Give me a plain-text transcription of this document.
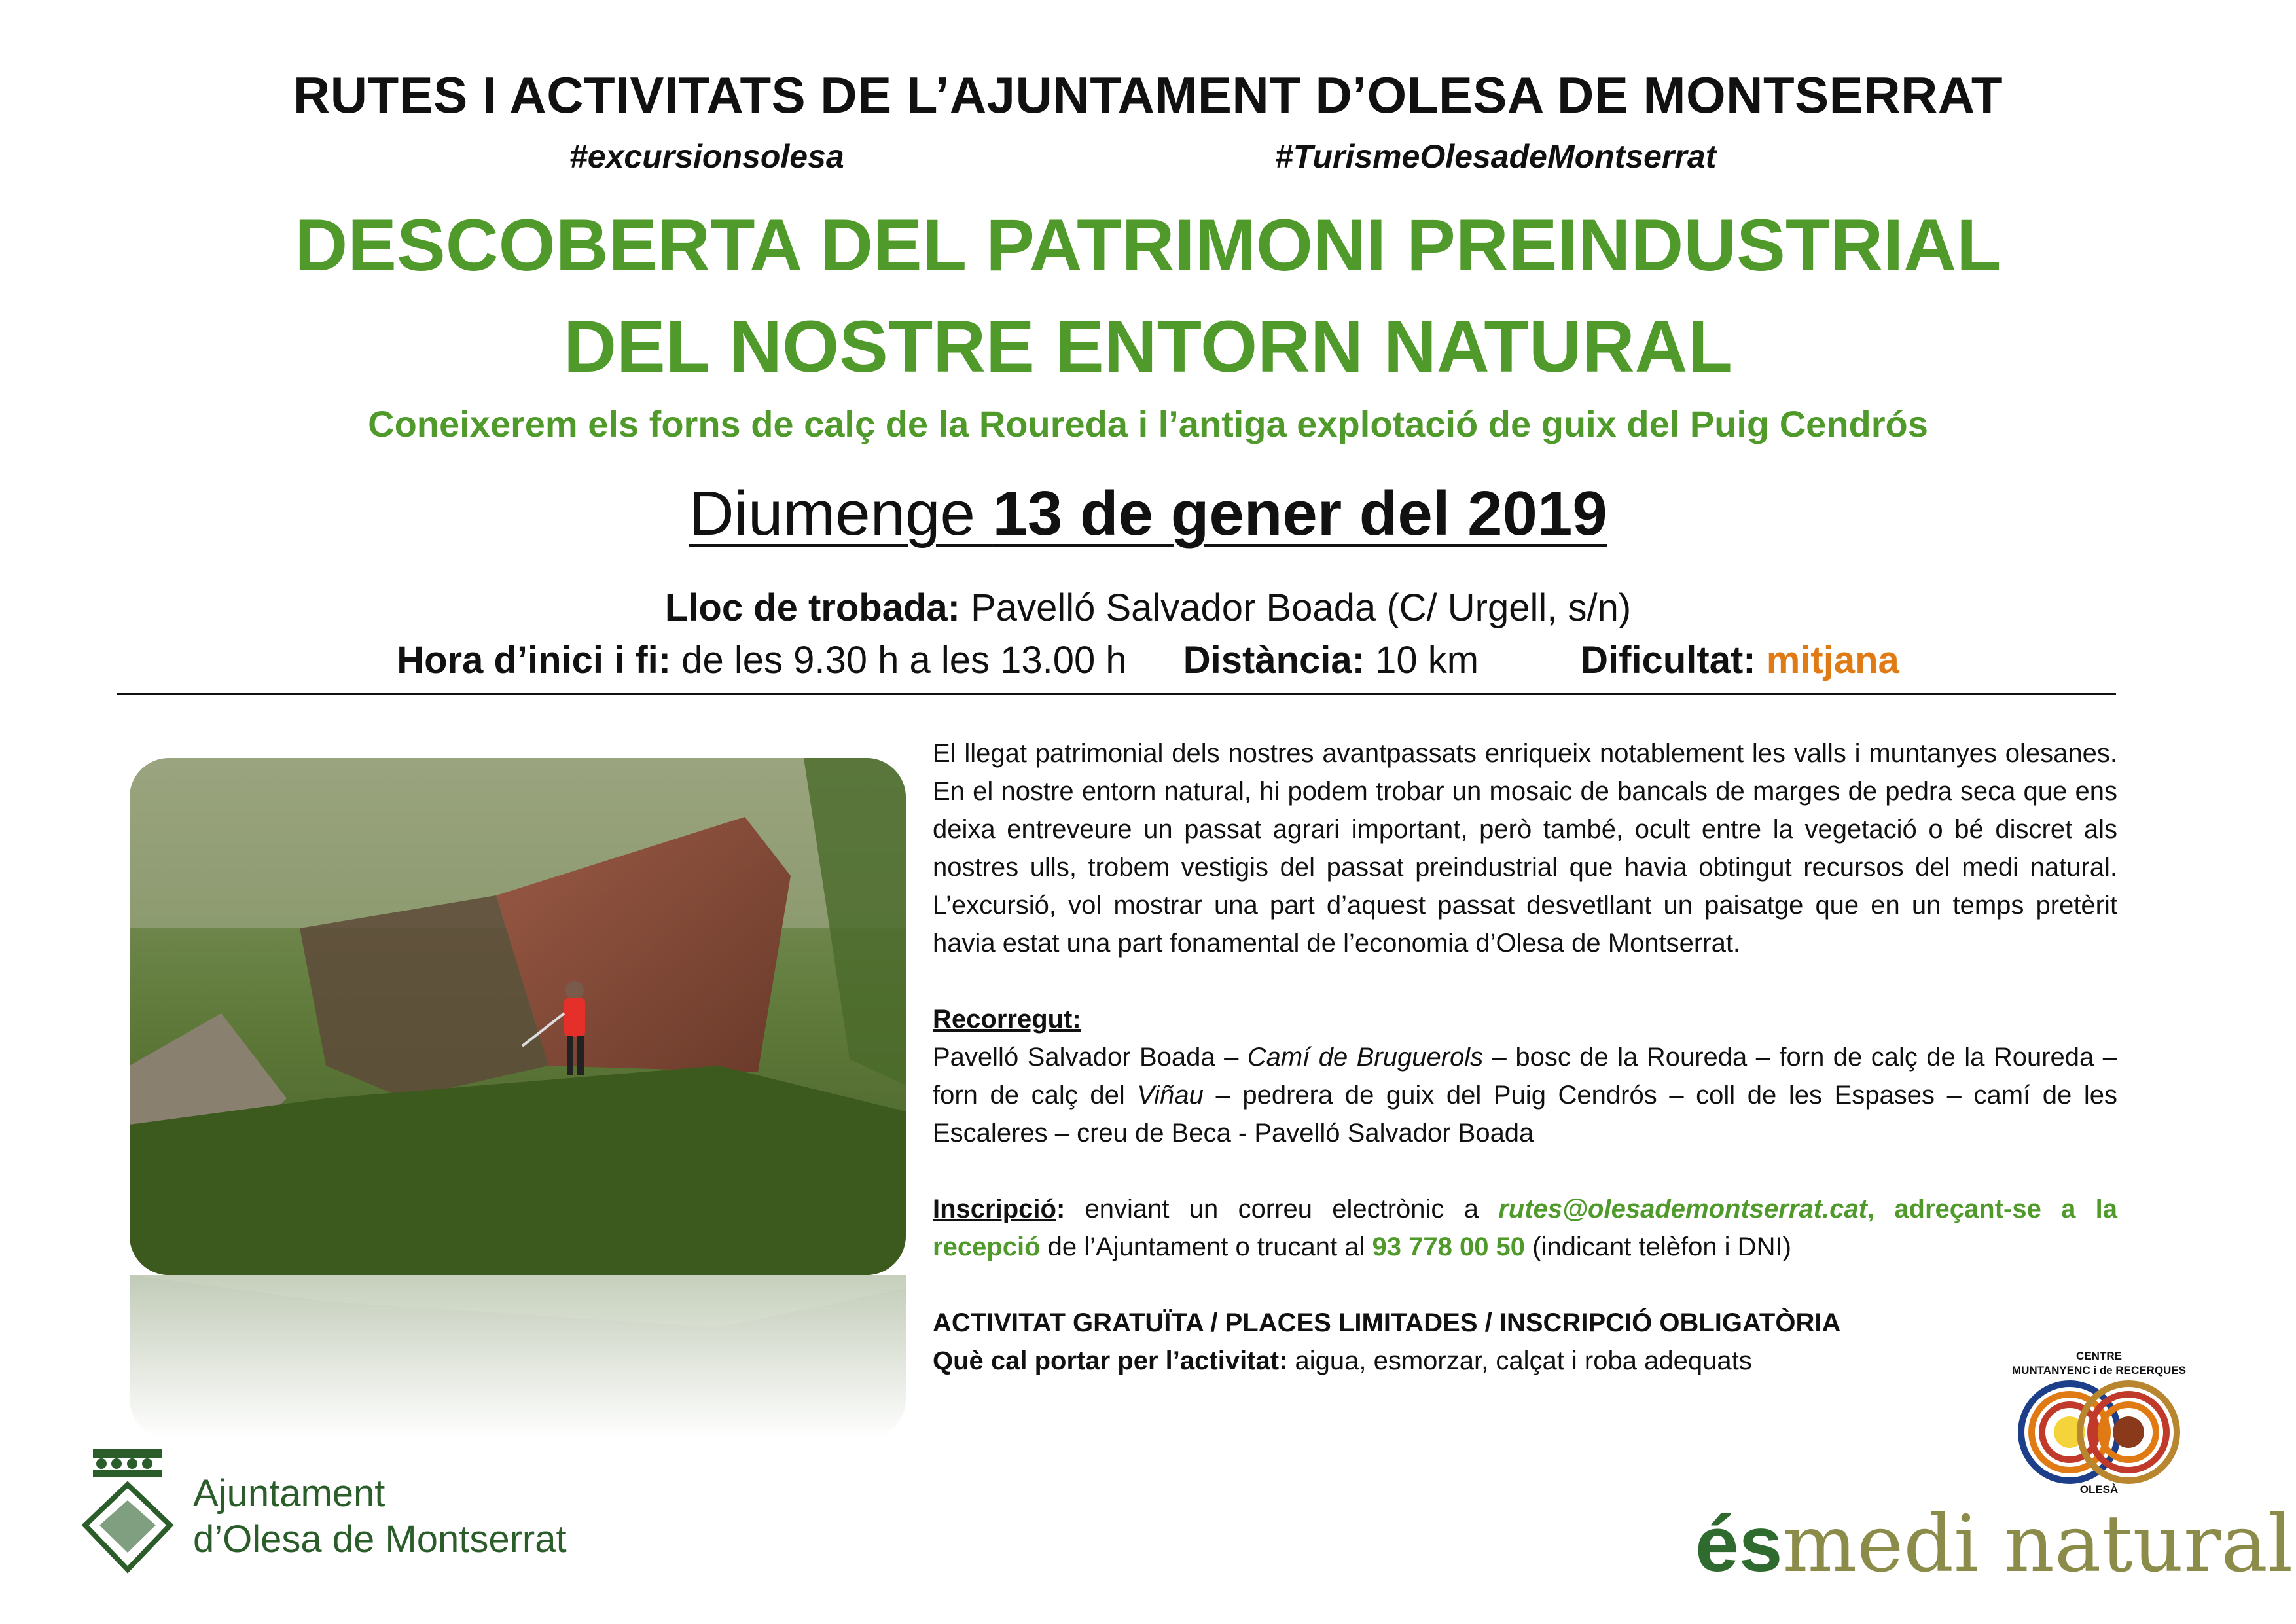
RUTES I ACTIVITATS DE L’AJUNTAMENT D’OLESA DE MONTSERRAT
#excursionsolesa	#TurismeOlesadeMontserrat
DESCOBERTA DEL PATRIMONI PREINDUSTRIAL
DEL NOSTRE ENTORN NATURAL
Coneixerem els forns de calç de la Roureda i l’antiga explotació de guix del Puig Cendrós
Diumenge 13 de gener del 2019
Lloc de trobada: Pavelló Salvador Boada (C/ Urgell, s/n)
Hora d’inici i fi: de les 9.30 h a les 13.00 h Distància: 10 km	Dificultat: mitjana

El llegat patrimonial dels nostres avantpassats enriqueix notablement les valls i muntanyes olesanes. En el nostre entorn natural, hi podem trobar un mosaic de bancals de marges de pedra seca que ens deixa entreveure un passat agrari important, però també, ocult entre la vegetació o bé discret als nostres ulls, trobem vestigis del passat preindustrial que havia obtingut recursos del medi natural. L’excursió, vol mostrar una part d’aquest passat desvetllant un paisatge que en un temps pretèrit havia estat una part fonamental de l’economia d’Olesa de Montserrat.

Recorregut:

Pavelló Salvador Boada – Camí de Bruguerols – bosc de la Roureda – forn de calç de la Roureda – forn de calç del Viñau – pedrera de guix del Puig Cendrós – coll de les Espases – camí de les Escaleres – creu de Beca - Pavelló Salvador Boada

Inscripció: enviant un correu electrònic a rutes@olesademontserrat.cat, adreçant-se a la recepció de l’Ajuntament o trucant al 93 778 00 50 (indicant telèfon i DNI)

ACTIVITAT GRATUÏTA / PLACES LIMITADES / INSCRIPCIÓ OBLIGATÒRIA

Què cal portar per l’activitat: aigua, esmorzar, calçat i roba adequats

Ajuntament
d’Olesa de Montserrat
CENTRE
MUNTANYENC i de RECERQUES
OLESÀ
ésmedi natural
